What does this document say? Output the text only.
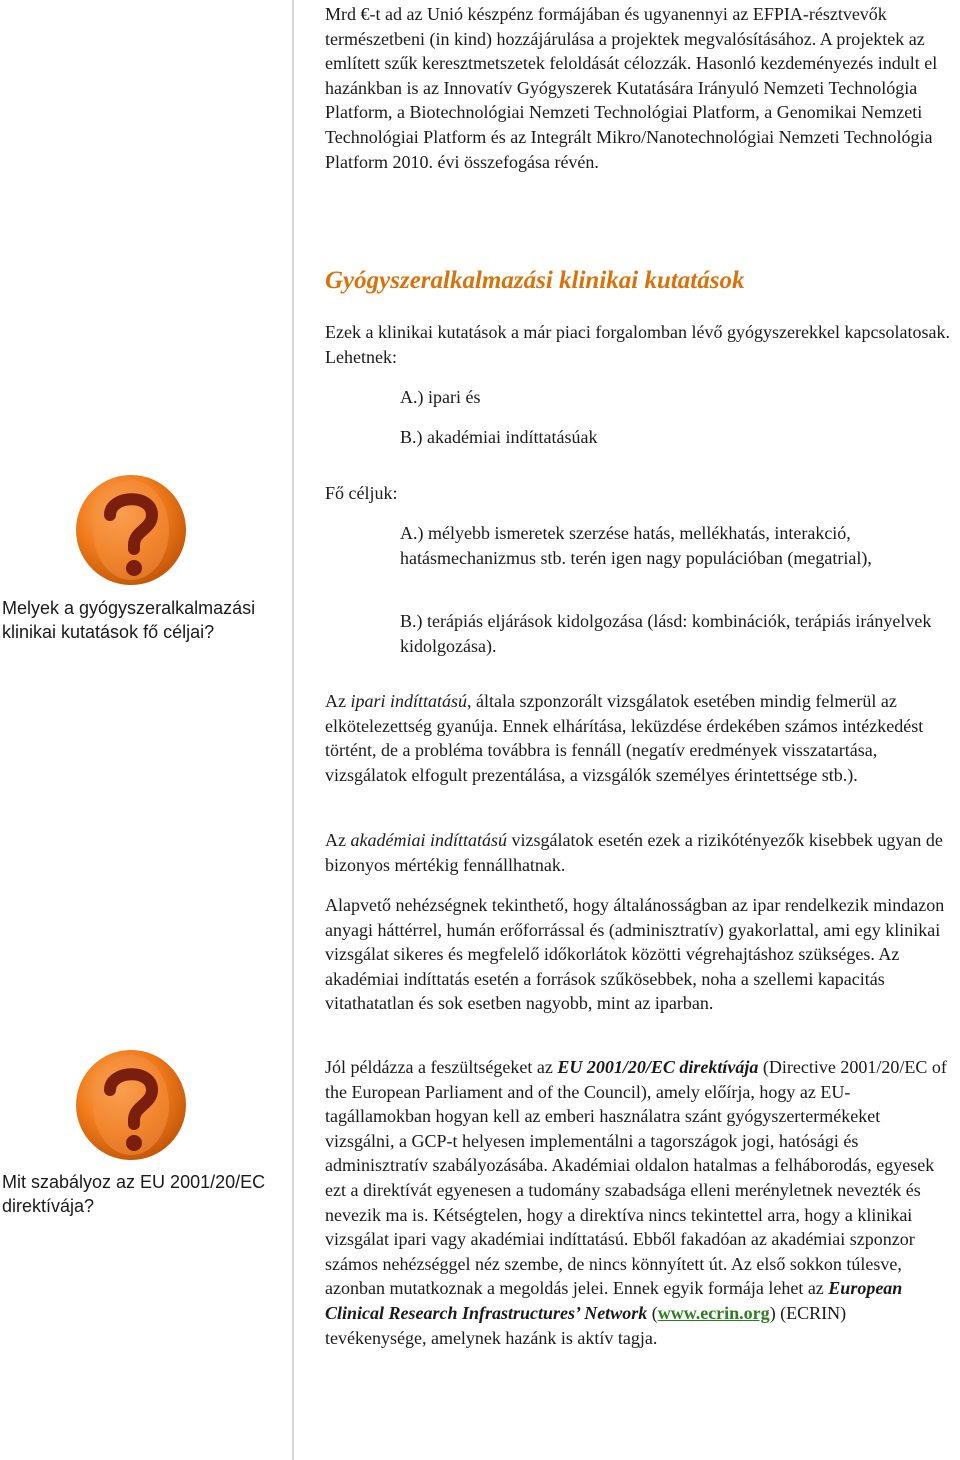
Mrd €-t ad az Unió készpénz formájában és ugyanennyi az EFPIA-résztvevők természetbeni (in kind) hozzájárulása a projektek megvalósításához. A projektek az említett szűk keresztmetszetek feloldását célozzák. Hasonló kezdeményezés indult el hazánkban is az Innovatív Gyógyszerek Kutatására Irányuló Nemzeti Technológia Platform, a Biotechnológiai Nemzeti Technológiai Platform, a Genomikai Nemzeti Technológiai Platform és az Integrált Mikro/Nanotechnológiai Nemzeti Technológia Platform 2010. évi összefogása révén.

Gyógyszeralkalmazási klinikai kutatások

Ezek a klinikai kutatások a már piaci forgalomban lévő gyógyszerekkel kapcsolatosak. Lehetnek:

A.) ipari és
B.) akadémiai indíttatásúak
Fő céljuk:

A.) mélyebb ismeretek szerzése hatás, mellékhatás, interakció, hatásmechanizmus stb. terén igen nagy populációban (megatrial),

B.) terápiás eljárások kidolgozása (lásd: kombinációk, terápiás irányelvek kidolgozása).

Az ipari indíttatású, általa szponzorált vizsgálatok esetében mindig felmerül az elkötelezettség gyanúja. Ennek elhárítása, leküzdése érdekében számos intézkedést történt, de a probléma továbbra is fennáll (negatív eredmények visszatartása, vizsgálatok elfogult prezentálása, a vizsgálók személyes érintettsége stb.).

Az akadémiai indíttatású vizsgálatok esetén ezek a rizikótényezők kisebbek ugyan de bizonyos mértékig fennállhatnak.

Alapvető nehézségnek tekinthető, hogy általánosságban az ipar rendelkezik mindazon anyagi háttérrel, humán erőforrással és (adminisztratív) gyakorlattal, ami egy klinikai vizsgálat sikeres és megfelelő időkorlátok közötti végrehajtáshoz szükséges. Az akadémiai indíttatás esetén a források szűkösebbek, noha a szellemi kapacitás vitathatatlan és sok esetben nagyobb, mint az iparban.

Jól példázza a feszültségeket az EU 2001/20/EC direktívája (Directive 2001/20/EC of the European Parliament and of the Council), amely előírja, hogy az EU-tagállamokban hogyan kell az emberi használatra szánt gyógyszertermékeket vizsgálni, a GCP-t helyesen implementálni a tagországok jogi, hatósági és adminisztratív szabályozásába. Akadémiai oldalon hatalmas a felháborodás, egyesek ezt a direktívát egyenesen a tudomány szabadsága elleni merényletnek nevezték és nevezik ma is. Kétségtelen, hogy a direktíva nincs tekintettel arra, hogy a klinikai vizsgálat ipari vagy akadémiai indíttatású. Ebből fakadóan az akadémiai szponzor számos nehézséggel néz szembe, de nincs könnyített út. Az első sokkon túlesve, azonban mutatkoznak a megoldás jelei. Ennek egyik formája lehet az European Clinical Research Infrastructures’ Network (www.ecrin.org) (ECRIN) tevékenysége, amelynek hazánk is aktív tagja.

Melyek a gyógyszeralkalmazási klinikai kutatások fő céljai?
Mit szabályoz az EU 2001/20/EC direktívája?
